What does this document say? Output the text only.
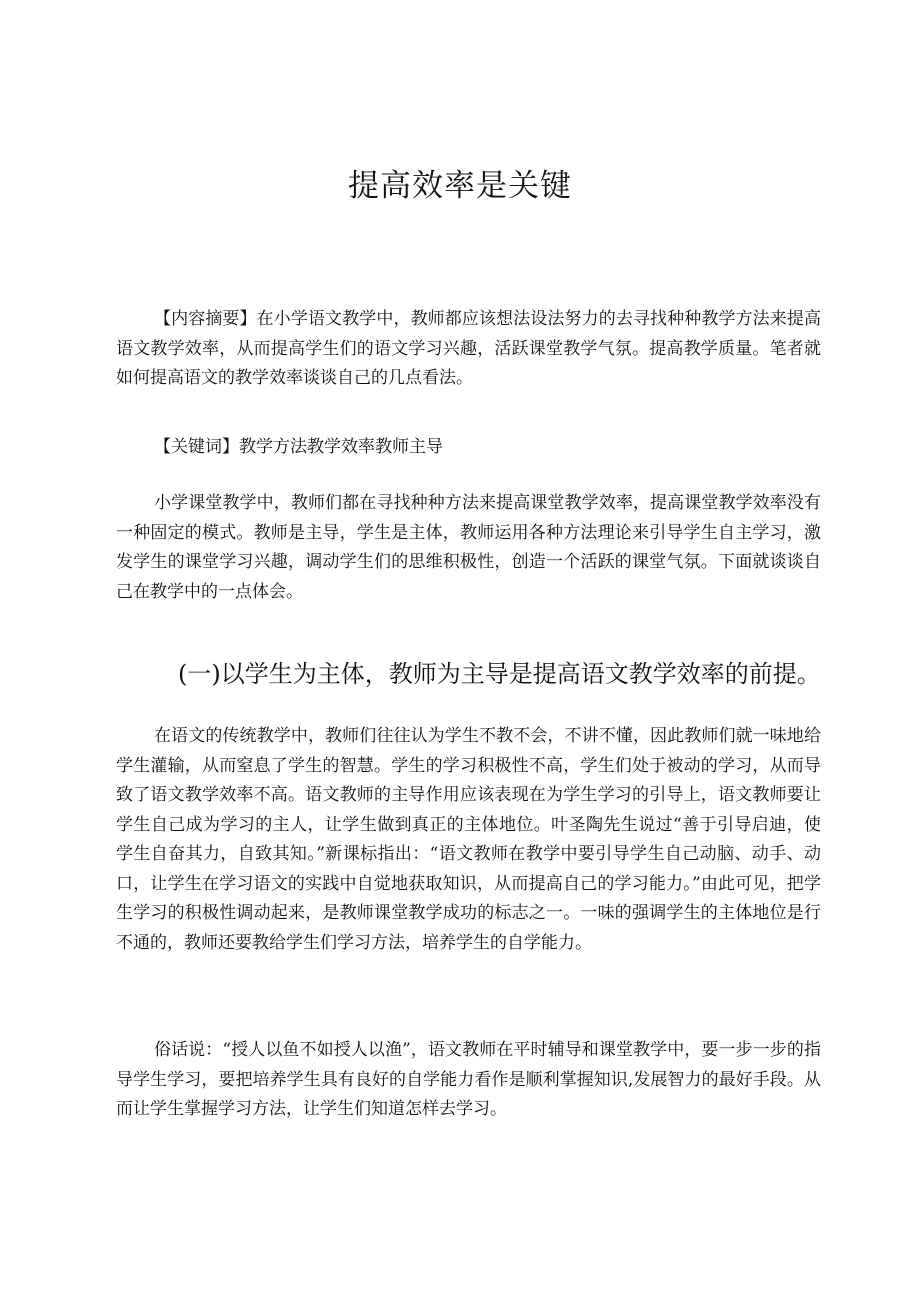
提高效率是关键

【内容摘要】在小学语文教学中，教师都应该想法设法努力的去寻找种种教学方法来提高语文教学效率，从而提高学生们的语文学习兴趣，活跃课堂教学气氛。提高教学质量。笔者就如何提高语文的教学效率谈谈自己的几点看法。

【关键词】教学方法教学效率教师主导

小学课堂教学中，教师们都在寻找种种方法来提高课堂教学效率，提高课堂教学效率没有一种固定的模式。教师是主导，学生是主体，教师运用各种方法理论来引导学生自主学习，激发学生的课堂学习兴趣，调动学生们的思维积极性，创造一个活跃的课堂气氛。下面就谈谈自己在教学中的一点体会。

(一)以学生为主体，教师为主导是提高语文教学效率的前提。

在语文的传统教学中，教师们往往认为学生不教不会，不讲不懂，因此教师们就一味地给学生灌输，从而窒息了学生的智慧。学生的学习积极性不高，学生们处于被动的学习，从而导致了语文教学效率不高。语文教师的主导作用应该表现在为学生学习的引导上，语文教师要让学生自己成为学习的主人，让学生做到真正的主体地位。叶圣陶先生说过“善于引导启迪，使学生自奋其力，自致其知。”新课标指出：“语文教师在教学中要引导学生自己动脑、动手、动口，让学生在学习语文的实践中自觉地获取知识，从而提高自己的学习能力。”由此可见，把学生学习的积极性调动起来，是教师课堂教学成功的标志之一。一味的强调学生的主体地位是行不通的，教师还要教给学生们学习方法，培养学生的自学能力。

俗话说：“授人以鱼不如授人以渔”，语文教师在平时辅导和课堂教学中，要一步一步的指导学生学习，要把培养学生具有良好的自学能力看作是顺利掌握知识,发展智力的最好手段。从而让学生掌握学习方法，让学生们知道怎样去学习。
